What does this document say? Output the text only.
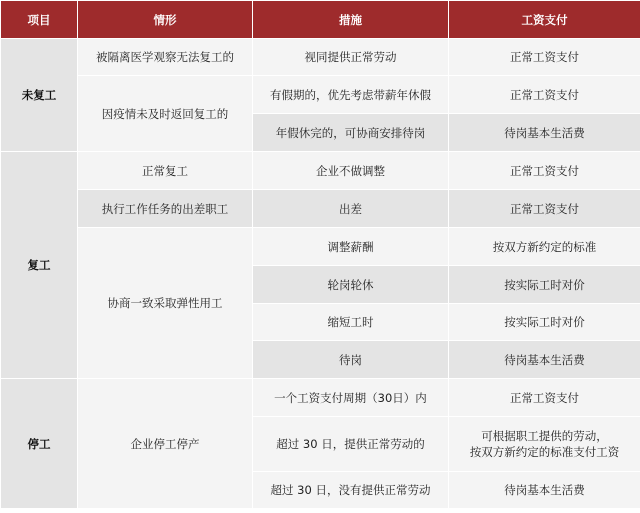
项目	情形	措施	工资支付
未复工	被隔离医学观察无法复工的	视同提供正常劳动	正常工资支付
	因疫情未及时返回复工的	有假期的，优先考虑带薪年休假	正常工资支付
		年假休完的，可协商安排待岗	待岗基本生活费
复工	正常复工	企业不做调整	正常工资支付
	执行工作任务的出差职工	出差	正常工资支付
	协商一致采取弹性用工	调整薪酬	按双方新约定的标准
		轮岗轮休	按实际工时对价
		缩短工时	按实际工时对价
		待岗	待岗基本生活费
停工	企业停工停产	一个工资支付周期（30日）内	正常工资支付
		超过 30 日，提供正常劳动的	可根据职工提供的劳动，
按双方新约定的标准支付工资

		超过 30 日，没有提供正常劳动	待岗基本生活费
